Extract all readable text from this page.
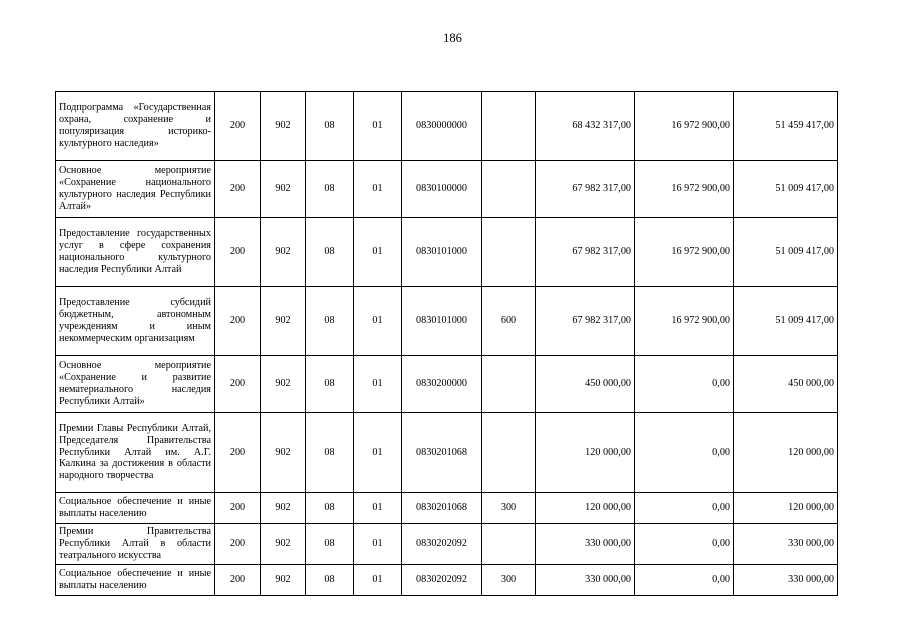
186
Подпрограмма «Государственная охрана, сохранение и популяризация историко-культурного наследия»	200	902	08	01	0830000000		68 432 317,00	16 972 900,00	51 459 417,00
Основное мероприятие «Сохранение национального культурного наследия Республики Алтай»	200	902	08	01	0830100000		67 982 317,00	16 972 900,00	51 009 417,00
Предоставление государственных услуг в сфере сохранения национального культурного наследия Республики Алтай	200	902	08	01	0830101000		67 982 317,00	16 972 900,00	51 009 417,00
Предоставление субсидий бюджетным, автономным учреждениям и иным некоммерческим организациям	200	902	08	01	0830101000	600	67 982 317,00	16 972 900,00	51 009 417,00
Основное мероприятие «Сохранение и развитие нематериального наследия Республики Алтай»	200	902	08	01	0830200000		450 000,00	0,00	450 000,00
Премии Главы Республики Алтай, Председателя Правительства Республики Алтай им. А.Г. Калкина за достижения в области народного творчества	200	902	08	01	0830201068		120 000,00	0,00	120 000,00
Социальное обеспечение и иные выплаты населению	200	902	08	01	0830201068	300	120 000,00	0,00	120 000,00
Премии Правительства Республики Алтай в области театрального искусства	200	902	08	01	0830202092		330 000,00	0,00	330 000,00
Социальное обеспечение и иные выплаты населению	200	902	08	01	0830202092	300	330 000,00	0,00	330 000,00
